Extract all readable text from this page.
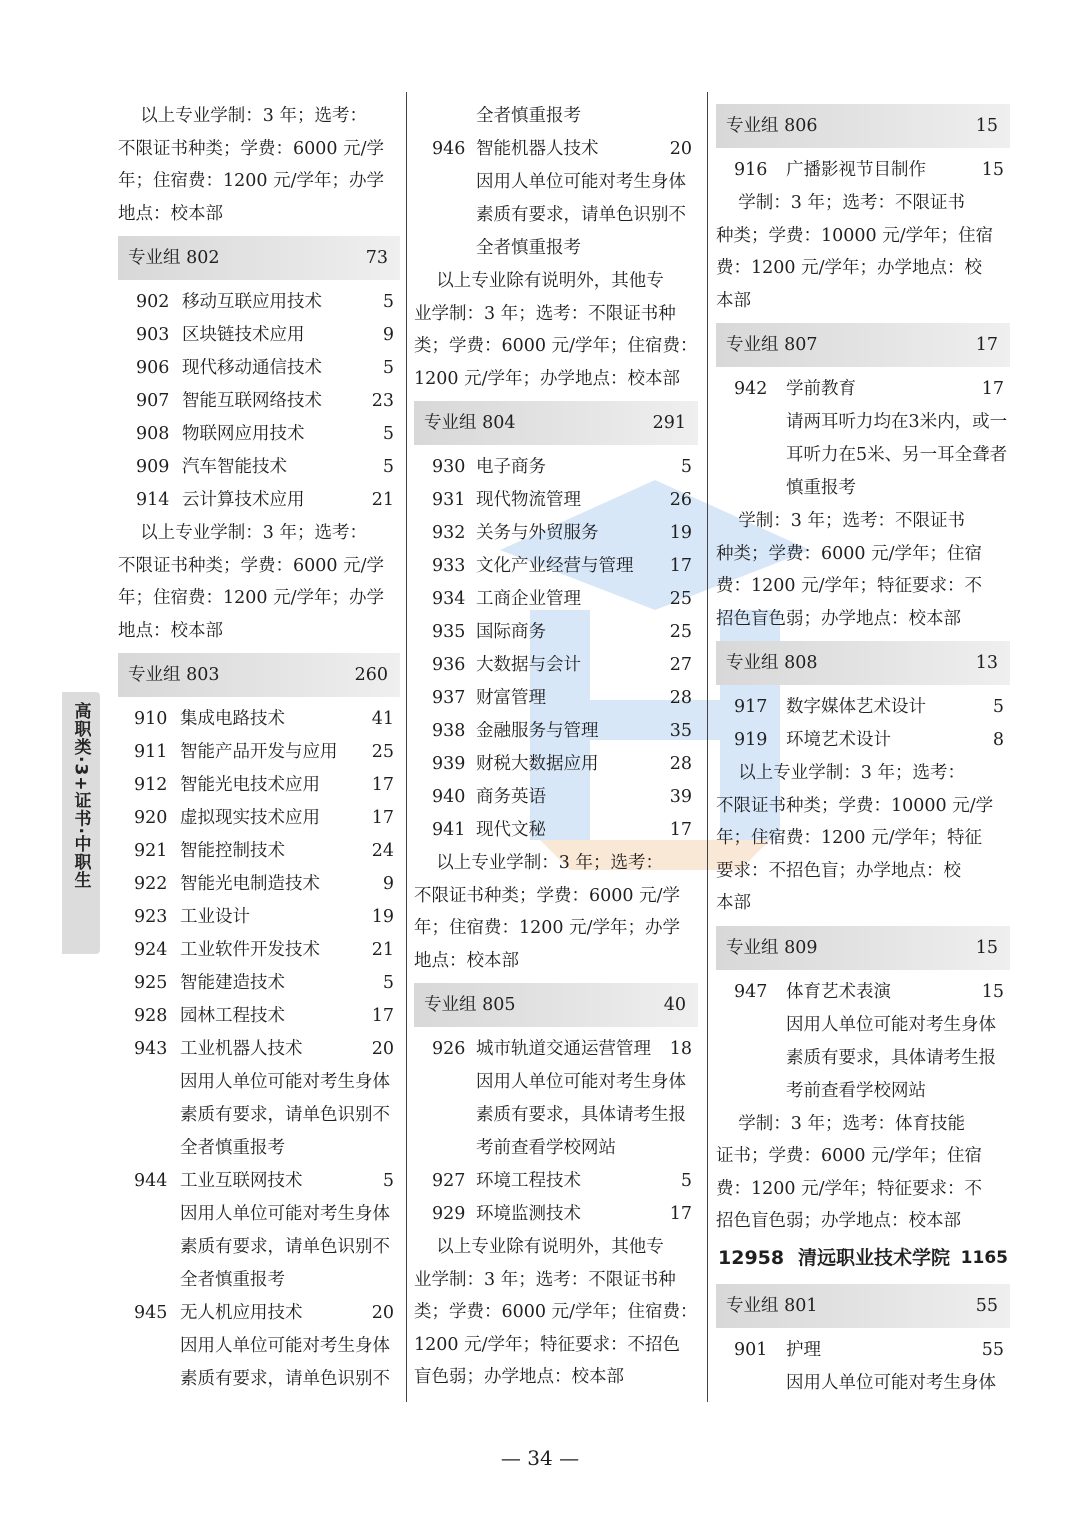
高职类·3+证书·中职生

以上专业学制：3 年；选考：
不限证书种类；学费：6000 元/学
年；住宿费：1200 元/学年；办学
地点：校本部

专业组 802	73
902 移动互联应用技术	5
903 区块链技术应用	9
906 现代移动通信技术	5
907 智能互联网络技术	23
908 物联网应用技术	5
909 汽车智能技术	5
914 云计算技术应用	21

以上专业学制：3 年；选考：
不限证书种类；学费：6000 元/学
年；住宿费：1200 元/学年；办学
地点：校本部

专业组 803	260
910 集成电路技术	41
911 智能产品开发与应用 25
912 智能光电技术应用	17
920 虚拟现实技术应用	17
921 智能控制技术	24
922 智能光电制造技术	9
923 工业设计	19
924 工业软件开发技术	21
925 智能建造技术	5
928 园林工程技术	17
943 工业机器人技术	20

因用人单位可能对考生身体
素质有要求，请单色识别不
全者慎重报考

944 工业互联网技术	5

因用人单位可能对考生身体
素质有要求，请单色识别不
全者慎重报考

945 无人机应用技术	20

因用人单位可能对考生身体
素质有要求，请单色识别不

全者慎重报考

946 智能机器人技术	20

因用人单位可能对考生身体
素质有要求，请单色识别不
全者慎重报考

以上专业除有说明外，其他专
业学制：3 年；选考：不限证书种
类；学费：6000 元/学年；住宿费：
1200 元/学年；办学地点：校本部

专业组 804	291
930 电子商务	5
931 现代物流管理	26
932 关务与外贸服务	19
933 文化产业经营与管理 17
934 工商企业管理	25
935 国际商务	25
936 大数据与会计	27
937 财富管理	28
938 金融服务与管理	35
939 财税大数据应用	28
940 商务英语	39
941 现代文秘	17

以上专业学制：3 年；选考：
不限证书种类；学费：6000 元/学
年；住宿费：1200 元/学年；办学
地点：校本部

专业组 805	40
926 城市轨道交通运营管理 18

因用人单位可能对考生身体
素质有要求，具体请考生报
考前查看学校网站

927 环境工程技术	5
929 环境监测技术	17

以上专业除有说明外，其他专
业学制：3 年；选考：不限证书种
类；学费：6000 元/学年；住宿费：
1200 元/学年；特征要求：不招色
盲色弱；办学地点：校本部

专业组 806	15
916 广播影视节目制作	15

学制：3 年；选考：不限证书
种类；学费：10000 元/学年；住宿
费：1200 元/学年；办学地点：校
本部

专业组 807	17
942 学前教育	17

请两耳听力均在3米内，或一
耳听力在5米、另一耳全聋者
慎重报考

学制：3 年；选考：不限证书
种类；学费：6000 元/学年；住宿
费：1200 元/学年；特征要求：不
招色盲色弱；办学地点：校本部

专业组 808	13
917 数字媒体艺术设计	5
919 环境艺术设计	8

以上专业学制：3 年；选考：
不限证书种类；学费：10000 元/学
年；住宿费：1200 元/学年；特征
要求：不招色盲；办学地点：校
本部

专业组 809	15
947 体育艺术表演	15

因用人单位可能对考生身体
素质有要求，具体请考生报
考前查看学校网站

学制：3 年；选考：体育技能
证书；学费：6000 元/学年；住宿
费：1200 元/学年；特征要求：不
招色盲色弱；办学地点：校本部

12958 清远职业技术学院 1165
专业组 801	55
901 护理	55

因用人单位可能对考生身体

— 34 —
